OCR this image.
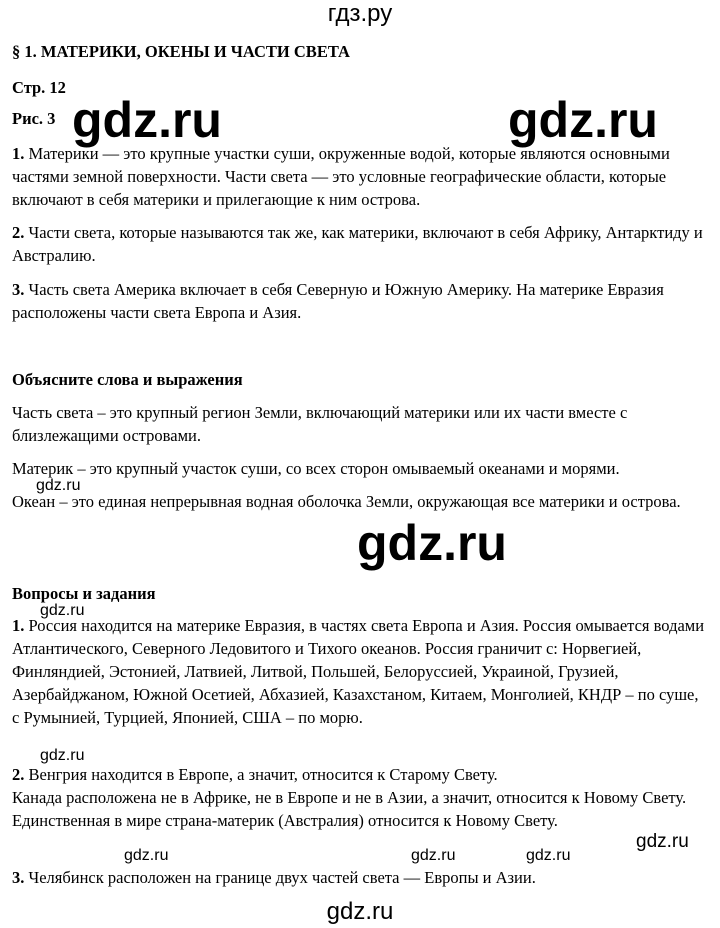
гдз.ру
gdz.ru	gdz.ru
gdz.ru
gdz.ru
gdz.ru
gdz.ru
gdz.ru	gdz.ru	gdz.ru
gdz.ru
gdz.ru
§ 1. МАТЕРИКИ, ОКЕНЫ И ЧАСТИ СВЕТА
Стр. 12
Рис. 3

1. Материки — это крупные участки суши, окруженные водой, которые являются основными частями земной поверхности. Части света — это условные географические области, которые включают в себя материки и прилегающие к ним острова.

2. Части света, которые называются так же, как материки, включают в себя Африку, Антарктиду и Австралию.

3. Часть света Америка включает в себя Северную и Южную Америку. На материке Евразия расположены части света Европа и Азия.

Объясните слова и выражения

Часть света – это крупный регион Земли, включающий материки или их части вместе с близлежащими островами.

Материк – это крупный участок суши, со всех сторон омываемый океанами и морями.

Океан – это единая непрерывная водная оболочка Земли, окружающая все материки и острова.

Вопросы и задания

1. Россия находится на материке Евразия, в частях света Европа и Азия. Россия омывается водами Атлантического, Северного Ледовитого и Тихого океанов. Россия граничит с: Норвегией, Финляндией, Эстонией, Латвией, Литвой, Польшей, Белоруссией, Украиной, Грузией, Азербайджаном, Южной Осетией, Абхазией, Казахстаном, Китаем, Монголией, КНДР – по суше, с Румынией, Турцией, Японией, США – по морю.

2. Венгрия находится в Европе, а значит, относится к Старому Свету.
Канада расположена не в Африке, не в Европе и не в Азии, а значит, относится к Новому Свету.
Единственная в мире страна-материк (Австралия) относится к Новому Свету.

3. Челябинск расположен на границе двух частей света — Европы и Азии.
